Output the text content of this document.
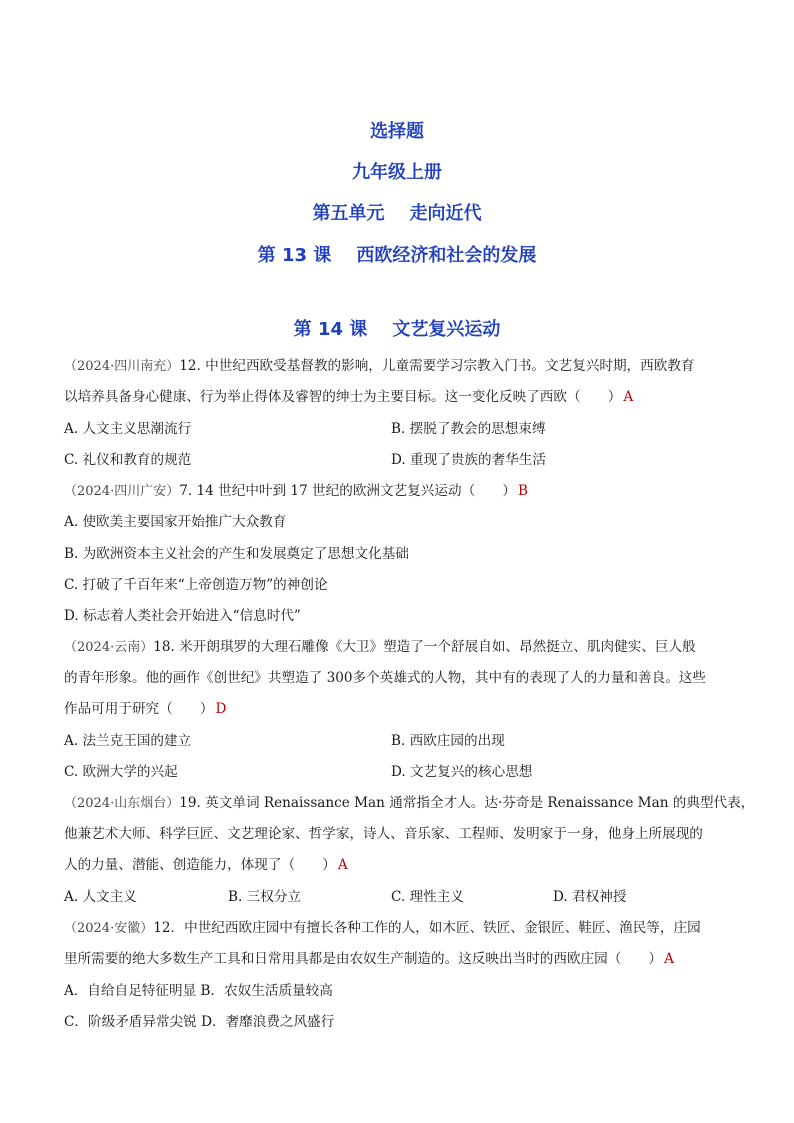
选择题
九年级上册
第五单元    走向近代
第 13 课    西欧经济和社会的发展
第 14 课    文艺复兴运动
（2024·四川南充）12. 中世纪西欧受基督教的影响，儿童需要学习宗教入门书。文艺复兴时期，西欧教育
以培养具备身心健康、行为举止得体及睿智的绅士为主要目标。这一变化反映了西欧（　　） A
A. 人文主义思潮流行	B. 摆脱了教会的思想束缚
C. 礼仪和教育的规范	D. 重现了贵族的奢华生活
（2024·四川广安）7. 14 世纪中叶到 17 世纪的欧洲文艺复兴运动（　　） B
A. 使欧美主要国家开始推广大众教育
B. 为欧洲资本主义社会的产生和发展奠定了思想文化基础
C. 打破了千百年来“上帝创造万物”的神创论
D. 标志着人类社会开始进入“信息时代”
（2024·云南）18. 米开朗琪罗的大理石雕像《大卫》塑造了一个舒展自如、昂然挺立、肌肉健实、巨人般
的青年形象。他的画作《创世纪》共塑造了 300多个英雄式的人物，其中有的表现了人的力量和善良。这些
作品可用于研究（　　） D
A. 法兰克王国的建立	B. 西欧庄园的出现
C. 欧洲大学的兴起	D. 文艺复兴的核心思想
（2024·山东烟台）19. 英文单词 Renaissance Man 通常指全才人。达·芬奇是 Renaissance Man 的典型代表，
他兼艺术大师、科学巨匠、文艺理论家、哲学家，诗人、音乐家、工程师、发明家于一身，他身上所展现的
人的力量、潜能、创造能力，体现了（　　） A
A. 人文主义	B. 三权分立	C. 理性主义	D. 君权神授
（2024·安徽）12．中世纪西欧庄园中有擅长各种工作的人，如木匠、铁匠、金银匠、鞋匠、渔民等，庄园
里所需要的绝大多数生产工具和日常用具都是由农奴生产制造的。这反映出当时的西欧庄园（　　） A
A．自给自足特征明显 B．农奴生活质量较高
C．阶级矛盾异常尖锐 D．奢靡浪费之风盛行
